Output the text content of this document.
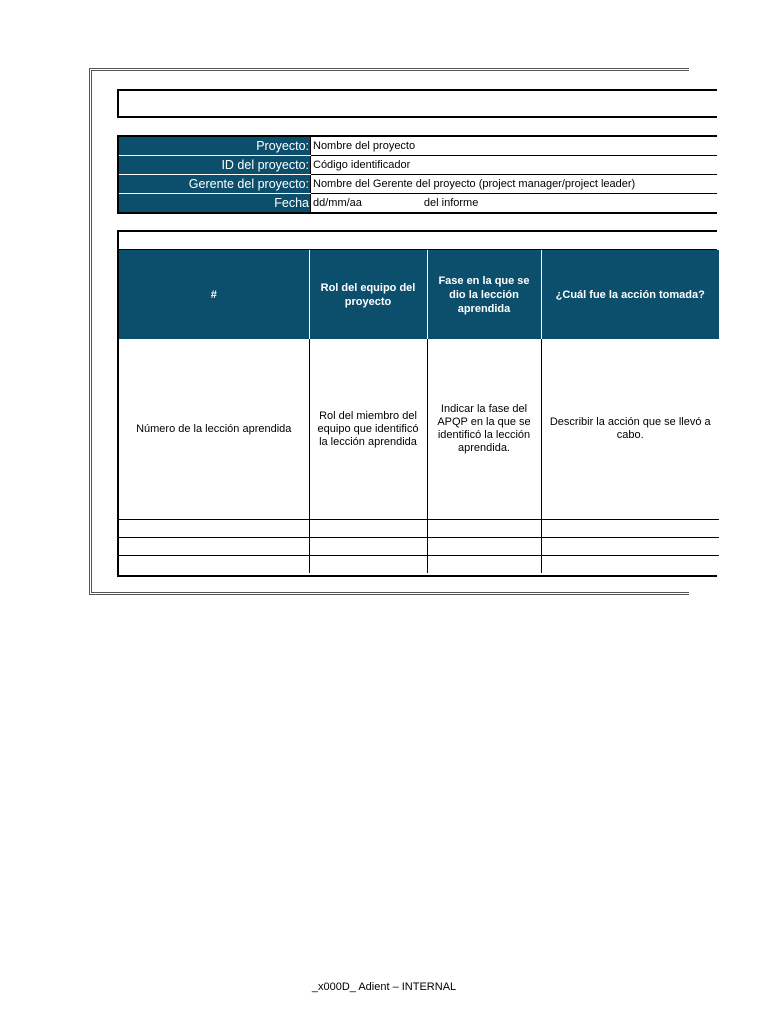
Proyecto:	Nombre del proyecto
ID del proyecto:	Código identificador
Gerente del proyecto:	Nombre del Gerente del proyecto (project manager/project leader)
Fecha	dd/mm/aa del informe
#	Rol del equipo del proyecto	Fase en la que se dio la lección aprendida	¿Cuál fue la acción tomada?
Número de la lección aprendida	Rol del miembro del equipo que identificó la lección aprendida	Indicar la fase del APQP en la que se identificó la lección aprendida.	Describir la acción que se llevó a cabo.

_x000D_ Adient – INTERNAL
